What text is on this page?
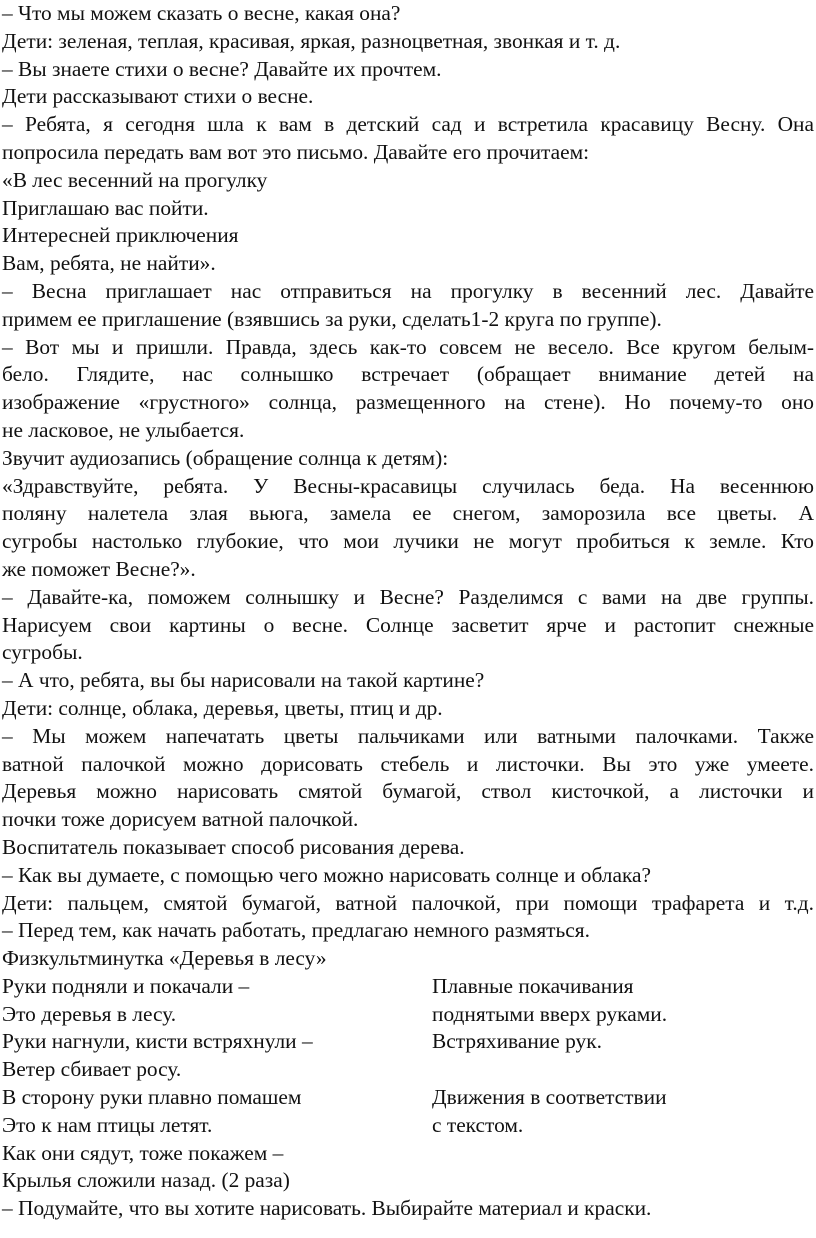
– Что мы можем сказать о весне, какая она?
Дети: зеленая, теплая, красивая, яркая, разноцветная, звонкая и т. д.
– Вы знаете стихи о весне? Давайте их прочтем.
Дети рассказывают стихи о весне.
– Ребята, я сегодня шла к вам в детский сад и встретила красавицу Весну. Она
попросила передать вам вот это письмо. Давайте его прочитаем:
«В лес весенний на прогулку
Приглашаю вас пойти.
Интересней приключения
Вам, ребята, не найти».
– Весна приглашает нас отправиться на прогулку в весенний лес. Давайте
примем ее приглашение (взявшись за руки, сделать1-2 круга по группе).
– Вот мы и пришли. Правда, здесь как-то совсем не весело. Все кругом белым-
бело. Глядите, нас солнышко встречает (обращает внимание детей на
изображение «грустного» солнца, размещенного на стене). Но почему-то оно
не ласковое, не улыбается.
Звучит аудиозапись (обращение солнца к детям):
«Здравствуйте, ребята. У Весны-красавицы случилась беда. На весеннюю
поляну налетела злая вьюга, замела ее снегом, заморозила все цветы. А
сугробы настолько глубокие, что мои лучики не могут пробиться к земле. Кто
же поможет Весне?».
– Давайте-ка, поможем солнышку и Весне? Разделимся с вами на две группы.
Нарисуем свои картины о весне. Солнце засветит ярче и растопит снежные
сугробы.
– А что, ребята, вы бы нарисовали на такой картине?
Дети: солнце, облака, деревья, цветы, птиц и др.
– Мы можем напечатать цветы пальчиками или ватными палочками. Также
ватной палочкой можно дорисовать стебель и листочки. Вы это уже умеете.
Деревья можно нарисовать смятой бумагой, ствол кисточкой, а листочки и
почки тоже дорисуем ватной палочкой.
Воспитатель показывает способ рисования дерева.
– Как вы думаете, с помощью чего можно нарисовать солнце и облака?
Дети: пальцем, смятой бумагой, ватной палочкой, при помощи трафарета и т.д.
– Перед тем, как начать работать, предлагаю немного размяться.
Физкультминутка «Деревья в лесу»
Руки подняли и покачали –	Плавные покачивания
Это деревья в лесу.	поднятыми вверх руками.
Руки нагнули, кисти встряхнули –	Встряхивание рук.
Ветер сбивает росу.
В сторону руки плавно помашем	Движения в соответствии
Это к нам птицы летят.	с текстом.
Как они сядут, тоже покажем –
Крылья сложили назад. (2 раза)
– Подумайте, что вы хотите нарисовать. Выбирайте материал и краски.
